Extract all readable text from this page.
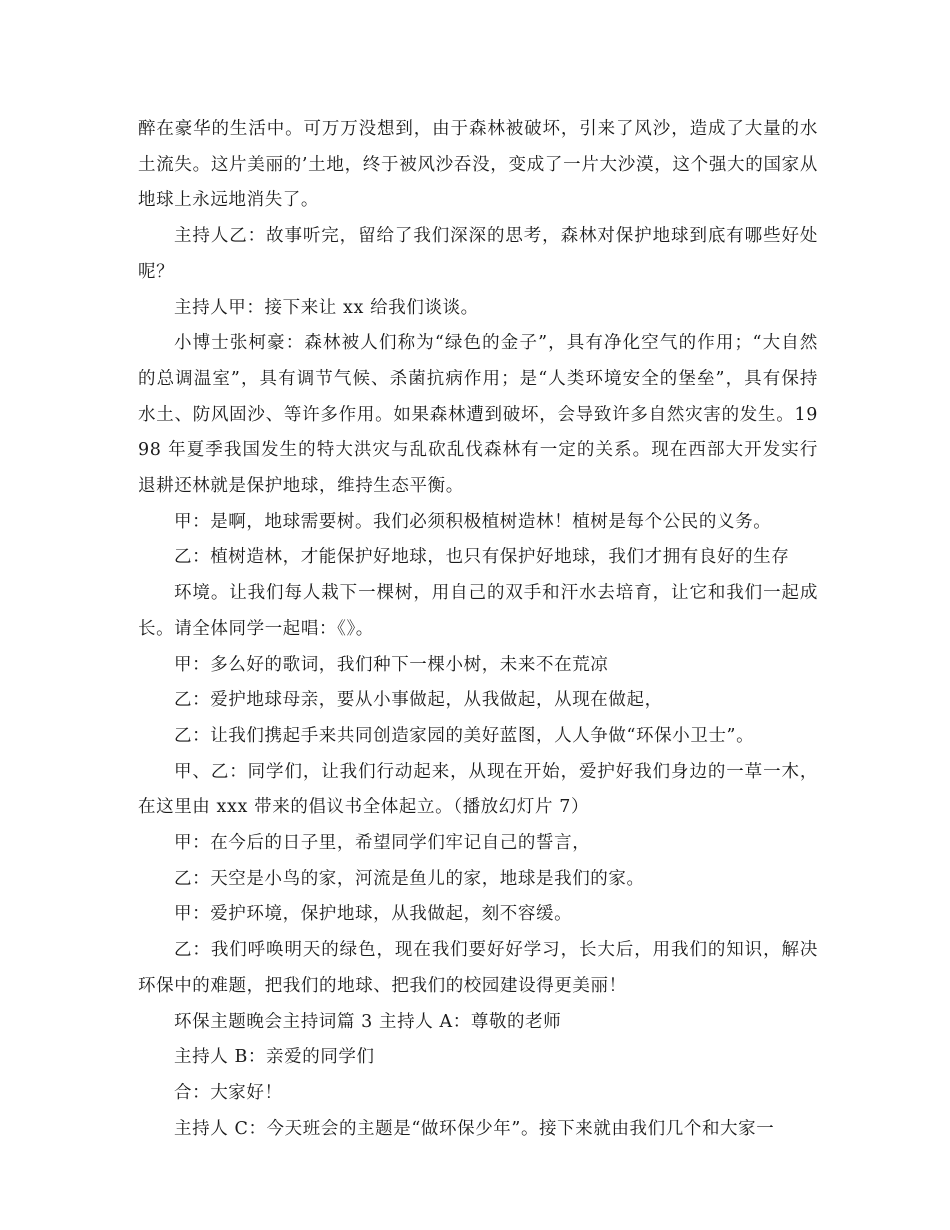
醉在豪华的生活中。可万万没想到，由于森林被破坏，引来了风沙，造成了大量的水土流失。这片美丽的’土地，终于被风沙吞没，变成了一片大沙漠，这个强大的国家从地球上永远地消失了。

主持人乙：故事听完，留给了我们深深的思考，森林对保护地球到底有哪些好处呢？

主持人甲：接下来让 xx 给我们谈谈。

小博士张柯豪：森林被人们称为“绿色的金子”，具有净化空气的作用；“大自然的总调温室”，具有调节气候、杀菌抗病作用；是“人类环境安全的堡垒”，具有保持水土、防风固沙、等许多作用。如果森林遭到破坏，会导致许多自然灾害的发生。1998 年夏季我国发生的特大洪灾与乱砍乱伐森林有一定的关系。现在西部大开发实行退耕还林就是保护地球，维持生态平衡。

甲：是啊，地球需要树。我们必须积极植树造林！植树是每个公民的义务。

乙：植树造林，才能保护好地球，也只有保护好地球，我们才拥有良好的生存

环境。让我们每人栽下一棵树，用自己的双手和汗水去培育，让它和我们一起成长。请全体同学一起唱：《》。

甲：多么好的歌词，我们种下一棵小树，未来不在荒凉

乙：爱护地球母亲，要从小事做起，从我做起，从现在做起，

乙：让我们携起手来共同创造家园的美好蓝图，人人争做“环保小卫士”。

甲、乙：同学们，让我们行动起来，从现在开始，爱护好我们身边的一草一木，在这里由 xxx 带来的倡议书全体起立。（播放幻灯片 7）

甲：在今后的日子里，希望同学们牢记自己的誓言，

乙：天空是小鸟的家，河流是鱼儿的家，地球是我们的家。

甲：爱护环境，保护地球，从我做起，刻不容缓。

乙：我们呼唤明天的绿色，现在我们要好好学习，长大后，用我们的知识，解决环保中的难题，把我们的地球、把我们的校园建设得更美丽！

环保主题晚会主持词篇 3 主持人 A：尊敬的老师

主持人 B：亲爱的同学们

合：大家好！

主持人 C：今天班会的主题是“做环保少年”。接下来就由我们几个和大家一
